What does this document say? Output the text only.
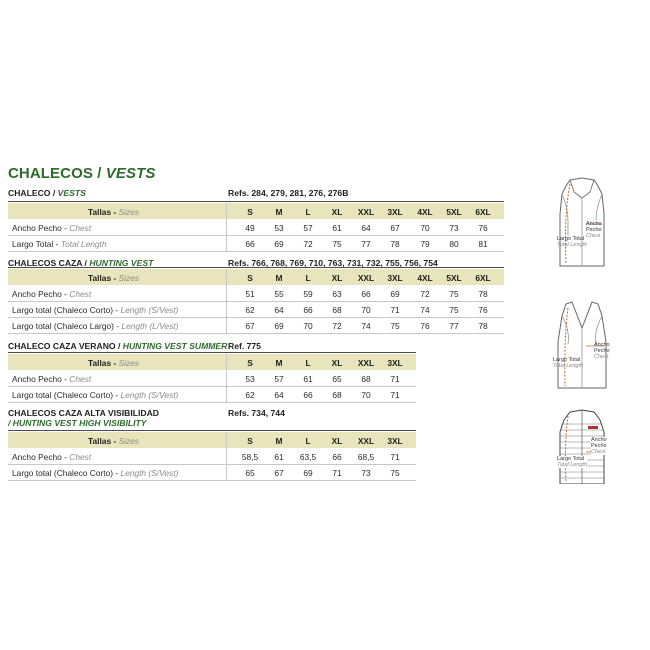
CHALECOS / VESTS
CHALECO / VESTS	Refs. 284, 279, 281, 276, 276B
Tallas - Sizes	S	M	L	XL	XXL	3XL	4XL	5XL	6XL
Ancho Pecho - Chest	49	53	57	61	64	67	70	73	76
Largo Total - Total Length	66	69	72	75	77	78	79	80	81
CHALECOS CAZA / HUNTING VEST	Refs. 766, 768, 769, 710, 763, 731, 732, 755, 756, 754
Tallas - Sizes	S	M	L	XL	XXL	3XL	4XL	5XL	6XL
Ancho Pecho - Chest	51	55	59	63	66	69	72	75	78
Largo total (Chaleco Corto) - Length (S/Vest)	62	64	66	68	70	71	74	75	76
Largo total (Chaleco Largo) - Length (L/Vest)	67	69	70	72	74	75	76	77	78
CHALECO CAZA VERANO / HUNTING VEST SUMMER Ref. 775
Tallas - Sizes	S	M	L	XL	XXL	3XL
Ancho Pecho - Chest	53	57	61	65	68	71
Largo total (Chaleco Corto) - Length (S/Vest)	62	64	66	68	70	71
CHALECOS CAZA ALTA VISIBILIDAD
/ HUNTING VEST HIGH VISIBILITY
Refs. 734, 744
Tallas - Sizes	S	M	L	XL	XXL	3XL
Ancho Pecho - Chest	58,5	61	63,5	66	68,5	71
Largo total (Chaleco Corto) - Length (S/Vest)	65	67	69	71	73	75
Ancho
Pecho
Chest
Largo Total
Total Length
Ancho
Pecho
Chest
Largo Total
Total Length
Ancho
Pecho
Chest
Largo Total
Total Length
